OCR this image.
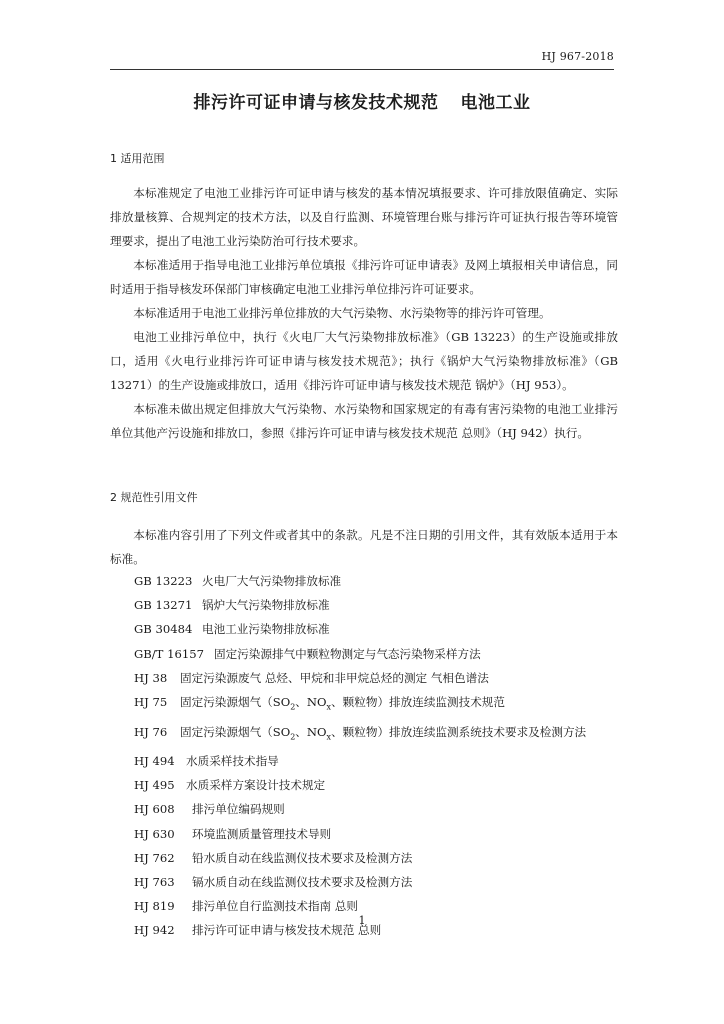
HJ 967-2018
排污许可证申请与核发技术规范 电池工业
1 适用范围

本标准规定了电池工业排污许可证申请与核发的基本情况填报要求、许可排放限值确定、实际排放量核算、合规判定的技术方法，以及自行监测、环境管理台账与排污许可证执行报告等环境管理要求，提出了电池工业污染防治可行技术要求。

本标准适用于指导电池工业排污单位填报《排污许可证申请表》及网上填报相关申请信息，同时适用于指导核发环保部门审核确定电池工业排污单位排污许可证要求。

本标准适用于电池工业排污单位排放的大气污染物、水污染物等的排污许可管理。

电池工业排污单位中，执行《火电厂大气污染物排放标准》（GB 13223）的生产设施或排放口，适用《火电行业排污许可证申请与核发技术规范》；执行《锅炉大气污染物排放标准》（GB 13271）的生产设施或排放口，适用《排污许可证申请与核发技术规范 锅炉》（HJ 953）。

本标准未做出规定但排放大气污染物、水污染物和国家规定的有毒有害污染物的电池工业排污单位其他产污设施和排放口，参照《排污许可证申请与核发技术规范 总则》（HJ 942）执行。

2 规范性引用文件

本标准内容引用了下列文件或者其中的条款。凡是不注日期的引用文件，其有效版本适用于本标准。

GB 13223 火电厂大气污染物排放标准
GB 13271 锅炉大气污染物排放标准
GB 30484 电池工业污染物排放标准
GB/T 16157 固定污染源排气中颗粒物测定与气态污染物采样方法
HJ 38 固定污染源废气 总烃、甲烷和非甲烷总烃的测定 气相色谱法
HJ 75 固定污染源烟气（$SO_2$、$NO_x$、颗粒物）排放连续监测技术规范
HJ 76 固定污染源烟气（$SO_2$、$NO_x$、颗粒物）排放连续监测系统技术要求及检测方法
HJ 494 水质采样技术指导
HJ 495 水质采样方案设计技术规定
HJ 608 排污单位编码规则
HJ 630 环境监测质量管理技术导则
HJ 762 铅水质自动在线监测仪技术要求及检测方法
HJ 763 镉水质自动在线监测仪技术要求及检测方法
HJ 819 排污单位自行监测技术指南 总则
HJ 942 排污许可证申请与核发技术规范 总则
1
